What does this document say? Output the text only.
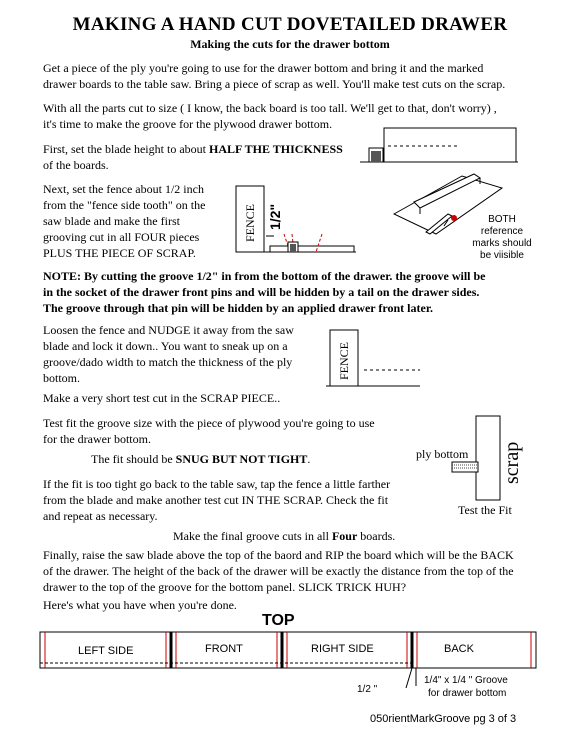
MAKING A HAND CUT DOVETAILED DRAWER
Making the cuts for the drawer bottom
Get a piece of the ply you're going to use for the drawer bottom and bring it and the marked
drawer boards to the table saw. Bring a piece of scrap as well. You'll make test cuts on the scrap.
With all the parts cut to size ( I know, the back board is too tall. We'll get to that, don't worry) ,
it's time to make the groove for the plywood drawer bottom.
First, set the blade height to about HALF THE THICKNESS
of the boards.
Next, set the fence about 1/2 inch
from the "fence side tooth" on the
saw blade and make the first
grooving cut in all FOUR pieces
PLUS THE PIECE OF SCRAP.
FENCE 1/2"	BOTH
reference
marks should
be viisible
NOTE: By cutting the groove 1/2" in from the bottom of the drawer. the groove will be
in the socket of the drawer front pins and will be hidden by a tail on the drawer sides.
The groove through that pin will be hidden by an applied drawer front later.
Loosen the fence and NUDGE it away from the saw
blade and lock it down.. You want to sneak up on a
groove/dado width to match the thickness of the ply
bottom.	FENCE
Make a very short test cut in the SCRAP PIECE..
Test fit the groove size with the piece of plywood you're going to use
for the drawer bottom.
The fit should be SNUG BUT NOT TIGHT.
If the fit is too tight go back to the table saw, tap the fence a little farther
from the blade and make another test cut IN THE SCRAP. Check the fit
and repeat as necessary.
ply bottom scrap
Test the Fit
Make the final groove cuts in all Four boards.
Finally, raise the saw blade above the top of the baord and RIP the board which will be the BACK
of the drawer. The height of the back of the drawer will be exactly the distance from the top of the
drawer to the top of the groove for the bottom panel. SLICK TRICK HUH?
Here's what you have when you're done.
TOP
LEFT SIDE	FRONT	RIGHT SIDE	BACK
1/2 "
1/4" x 1/4 " Groove
for drawer bottom
050rientMarkGroove pg 3 of 3
